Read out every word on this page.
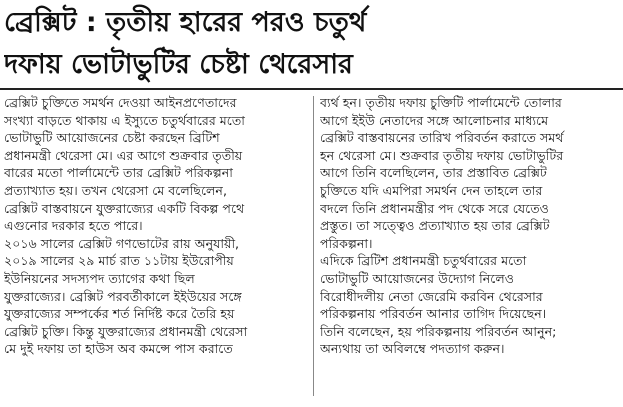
ব্রেক্সিট : তৃতীয় হারের পরও চতুর্থ
দফায় ভোটাভুটির চেষ্টা থেরেসার
ব্রেক্সিট চুক্তিতে সমর্থন দেওয়া আইনপ্রণেতাদের
সংখ্যা বাড়তে থাকায় এ ইস্যুতে চতুর্থবারের মতো
ভোটাভুটি আয়োজনের চেষ্টা করছেন ব্রিটিশ
প্রধানমন্ত্রী থেরেসা মে। এর আগে শুক্রবার তৃতীয়
বারের মতো পার্লামেন্টে তার ব্রেক্সিট পরিকল্পনা
প্রত্যাখ্যাত হয়। তখন থেরেসা মে বলেছিলেন,
ব্রেক্সিট বাস্তবায়নে যুক্তরাজ্যের একটি বিকল্প পথে
এগুনোর দরকার হতে পারে।
২০১৬ সালের ব্রেক্সিট গণভোটের রায় অনুযায়ী,
২০১৯ সালের ২৯ মার্চ রাত ১১টায় ইউরোপীয়
ইউনিয়নের সদস্যপদ ত্যাগের কথা ছিল
যুক্তরাজ্যের। ব্রেক্সিট পরবর্তীকালে ইইউয়ের সঙ্গে
যুক্তরাজ্যের সম্পর্কের শর্ত নির্দিষ্ট করে তৈরি হয়
ব্রেক্সিট চুক্তি। কিন্তু যুক্তরাজ্যের প্রধানমন্ত্রী থেরেসা
মে দুই দফায় তা হাউস অব কমন্সে পাস করাতে
ব্যর্থ হন। তৃতীয় দফায় চুক্তিটি পার্লামেন্টে তোলার
আগে ইইউ নেতাদের সঙ্গে আলোচনার মাধ্যমে
ব্রেক্সিট বাস্তবায়নের তারিখ পরিবর্তন করাতে সমর্থ
হন থেরেসা মে। শুক্রবার তৃতীয় দফায় ভোটাভুটির
আগে তিনি বলেছিলেন, তার প্রস্তাবিত ব্রেক্সিট
চুক্তিতে যদি এমপিরা সমর্থন দেন তাহলে তার
বদলে তিনি প্রধানমন্ত্রীর পদ থেকে সরে যেতেও
প্রস্তুত। তা সত্ত্বেও প্রত্যাখ্যাত হয় তার ব্রেক্সিট
পরিকল্পনা।
এদিকে ব্রিটিশ প্রধানমন্ত্রী চতুর্থবারের মতো
ভোটাভুটি আয়োজনের উদ্যোগ নিলেও
বিরোধীদলীয় নেতা জেরেমি করবিন থেরেসার
পরিকল্পনায় পরিবর্তন আনার তাগিদ দিয়েছেন।
তিনি বলেছেন, হয় পরিকল্পনায় পরিবর্তন আনুন;
অন্যথায় তা অবিলম্বে পদত্যাগ করুন।
